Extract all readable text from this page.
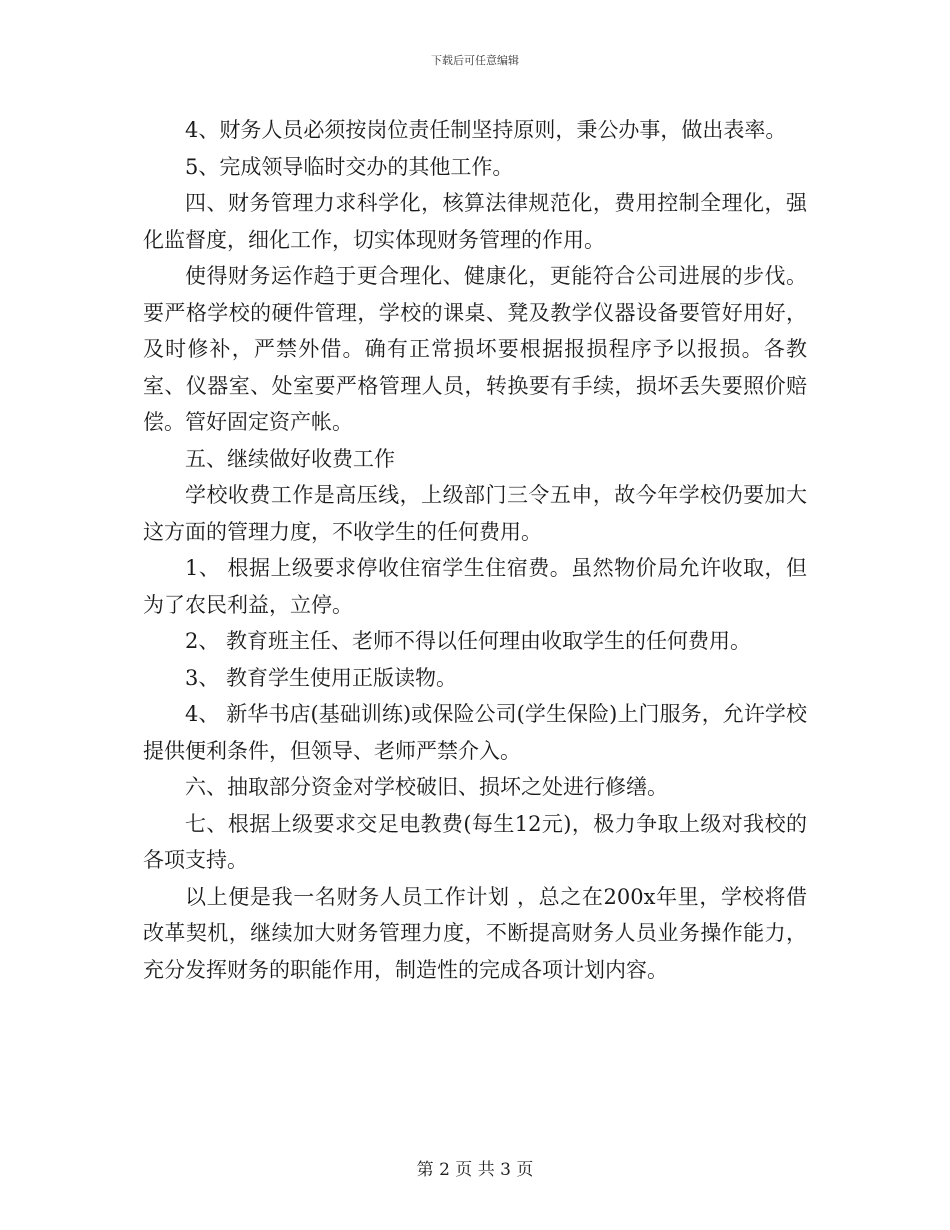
下载后可任意编辑

4、财务人员必须按岗位责任制坚持原则，秉公办事，做出表率。

5、完成领导临时交办的其他工作。

四、财务管理力求科学化，核算法律规范化，费用控制全理化，强化监督度，细化工作，切实体现财务管理的作用。

使得财务运作趋于更合理化、健康化，更能符合公司进展的步伐。要严格学校的硬件管理，学校的课桌、凳及教学仪器设备要管好用好，及时修补，严禁外借。确有正常损坏要根据报损程序予以报损。各教室、仪器室、处室要严格管理人员，转换要有手续，损坏丢失要照价赔偿。管好固定资产帐。

五、继续做好收费工作

学校收费工作是高压线，上级部门三令五申，故今年学校仍要加大这方面的管理力度，不收学生的任何费用。

1、 根据上级要求停收住宿学生住宿费。虽然物价局允许收取，但为了农民利益，立停。

2、 教育班主任、老师不得以任何理由收取学生的任何费用。

3、 教育学生使用正版读物。

4、 新华书店(基础训练)或保险公司(学生保险)上门服务，允许学校提供便利条件，但领导、老师严禁介入。

六、抽取部分资金对学校破旧、损坏之处进行修缮。

七、根据上级要求交足电教费(每生12元)，极力争取上级对我校的各项支持。

以上便是我一名财务人员工作计划 ，总之在200x年里，学校将借改革契机，继续加大财务管理力度，不断提高财务人员业务操作能力，充分发挥财务的职能作用，制造性的完成各项计划内容。

第 2 页 共 3 页
